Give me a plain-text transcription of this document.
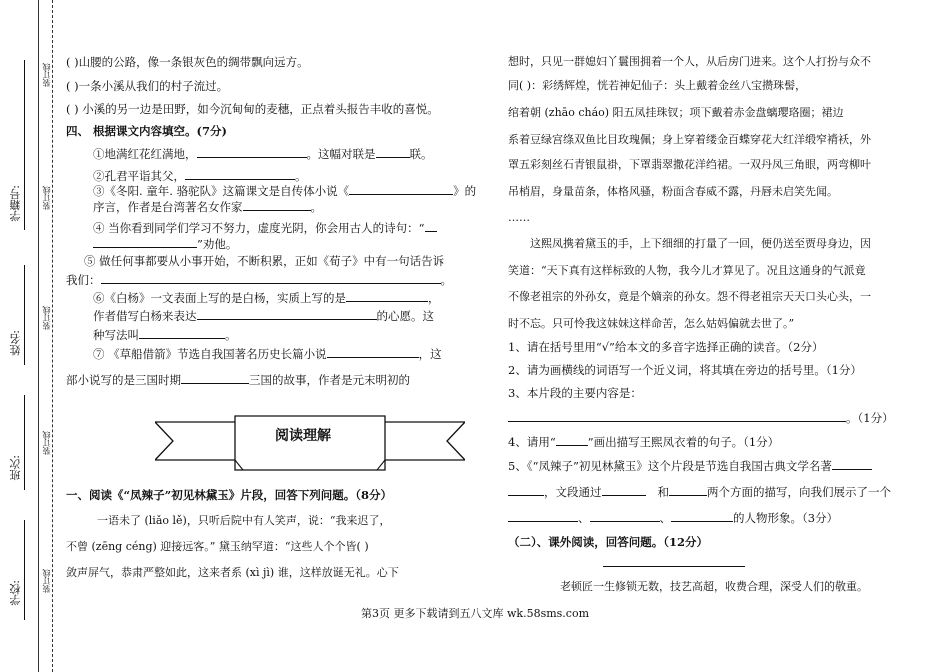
学籍号:
姓名:
班次:
学校:
装订线
装订线
装订线
装订线
装订线
( )山腰的公路，像一条银灰色的绸带飘向远方。
( )一条小溪从我们的村子流过。
( ) 小溪的另一边是田野，如今沉甸甸的麦穗，正点着头报告丰收的喜悦。
四、 根据课文内容填空。(7分)
①地满红花红满地，	。这幅对联是	联。
②孔君平诣其父，	。
③《冬阳. 童年. 骆驼队》这篇课文是自传体小说《	》的
序言，作者是台湾著名女作家	。
④ 当你看到同学们学习不努力，虚度光阴，你会用古人的诗句：“
”劝他。
⑤ 做任何事都要从小事开始，不断积累，正如《荀子》中有一句话告诉
我们：	。
⑥《白杨》一文表面上写的是白杨，实质上写的是	，
作者借写白杨来表达	的心愿。这
种写法叫	。
⑦ 《草船借箭》节选自我国著名历史长篇小说	，这
部小说写的是三国时期	三国的故事，作者是元末明初的
阅读理解
一、阅读《“凤辣子”初见林黛玉》片段，回答下列问题。（8分）
一语未了 (liǎo lě)，只听后院中有人笑声，说：“我来迟了，
不曾 (zēng céng) 迎接远客。” 黛玉纳罕道：“这些人个个皆( )
敛声屏气，恭肃严整如此，这来者系 (xì jì) 谁，这样放诞无礼。心下
想时，只见一群媳妇丫鬟围拥着一个人，从后房门进来。这个人打扮与众不
同( )：彩绣辉煌，恍若神妃仙子：头上戴着金丝八宝攒珠髻，
绾着朝 (zhāo cháo) 阳五凤挂珠钗；项下戴着赤金盘螭璎珞圈；裙边
系着豆绿宫绦双鱼比目玫瑰佩；身上穿着缕金百蝶穿花大红洋缎窄褙袄，外
罩五彩刻丝石青银鼠褂，下罩翡翠撒花洋绉裙。一双丹凤三角眼，两弯柳叶
吊梢眉，身量苗条，体格风骚，粉面含春威不露，丹唇未启笑先闻。
……
这熙凤携着黛玉的手，上下细细的打量了一回，便仍送至贾母身边，因
笑道：“天下真有这样标致的人物，我今儿才算见了。况且这通身的气派竟
不像老祖宗的外孙女，竟是个嫡亲的孙女。怨不得老祖宗天天口头心头，一
时不忘。只可怜我这妹妹这样命苦，怎么姑妈偏就去世了。”
1、请在括号里用“√”给本文的多音字选择正确的读音。（2分）
2、请为画横线的词语写一个近义词，将其填在旁边的括号里。（1分）
3、本片段的主要内容是：
。（1分）
4、请用“	”画出描写王熙凤衣着的句子。（1分）
5、《“凤辣子”初见林黛玉》这个片段是节选自我国古典文学名著
，文段通过	和	两个方面的描写，向我们展示了一个
、	、	的人物形象。（3分）
（二）、课外阅读，回答问题。（12分）
老顿匠一生修锁无数，技艺高超，收费合理，深受人们的敬重。
第3页 更多下载请到五八文库 wk.58sms.com
